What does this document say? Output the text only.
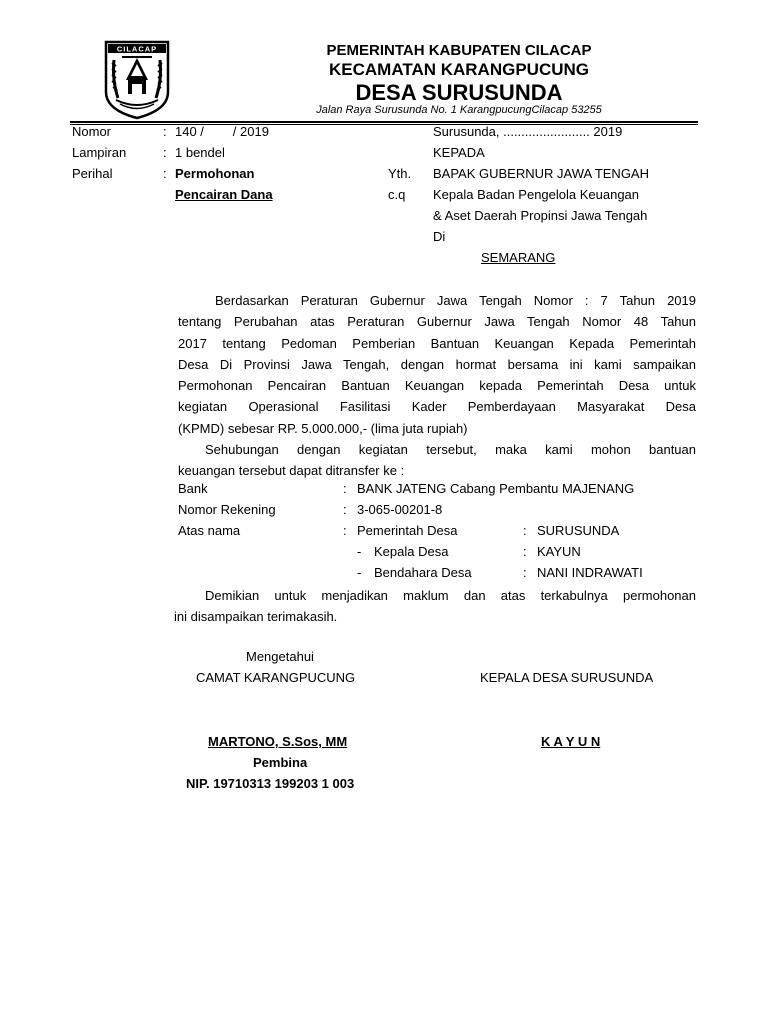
CILACAP	PEMERINTAH KABUPATEN CILACAP
KECAMATAN KARANGPUCUNG
DESA SURUSUNDA
Jalan Raya Surusunda No. 1 KarangpucungCilacap 53255
Nomor	: 140 /        / 2019
Lampiran	: 1 bendel
Perihal	: Permohonan
Pencairan Dana
Surusunda, ........................ 2019
KEPADA
Yth. BAPAK GUBERNUR JAWA TENGAH
c.q Kepala Badan Pengelola Keuangan
& Aset Daerah Propinsi Jawa Tengah
Di
SEMARANG
Berdasarkan Peraturan Gubernur Jawa Tengah Nomor : 7 Tahun 2019
tentang Perubahan atas Peraturan Gubernur Jawa Tengah Nomor 48 Tahun
2017 tentang Pedoman Pemberian Bantuan Keuangan Kepada Pemerintah
Desa Di Provinsi Jawa Tengah, dengan hormat bersama ini kami sampaikan
Permohonan Pencairan Bantuan Keuangan kepada Pemerintah Desa untuk
kegiatan Operasional Fasilitasi Kader Pemberdayaan Masyarakat Desa
(KPMD) sebesar RP. 5.000.000,- (lima juta rupiah)
Sehubungan dengan kegiatan tersebut, maka kami mohon bantuan
keuangan tersebut dapat ditransfer ke :
Bank	: BANK JATENG Cabang Pembantu MAJENANG
Nomor Rekening	: 3-065-00201-8
Atas nama	: Pemerintah Desa	: SURUSUNDA
- Kepala Desa	: KAYUN
- Bendahara Desa	: NANI INDRAWATI
Demikian untuk menjadikan maklum dan atas terkabulnya permohonan
ini disampaikan terimakasih.
Mengetahui
CAMAT KARANGPUCUNG	KEPALA DESA SURUSUNDA
MARTONO, S.Sos, MM	K A Y U N
Pembina
NIP. 19710313 199203 1 003
